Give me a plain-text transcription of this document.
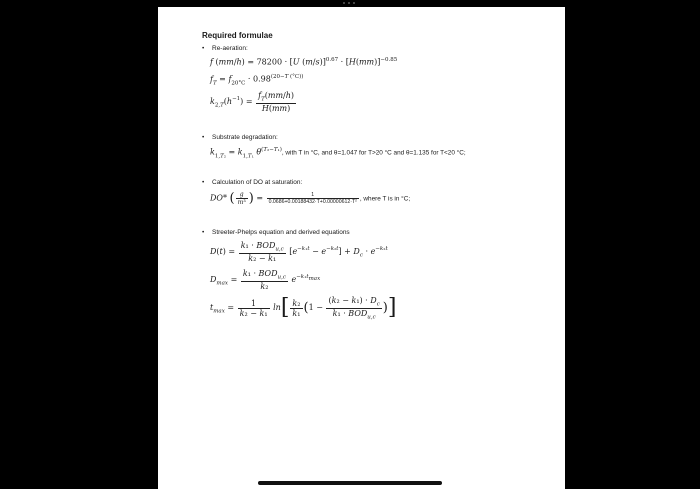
Required formulae
Re-aeration:
f (mm/h) = 78200 · [U $(m/s)]^{0.67} \cdot [H(mm)]^{-0.85}$
$f_T = f_{20^\circ C} \cdot 0.98^{(20-T (^\circ C))}$
$k_{2,T}(h^{-1}) = \frac{f_T(mm/h)}{H(mm)}$
Substrate degradation:
$k_{1,T_2} = k_{1,T_1}$ $\theta^{(T_2-T_1)}$, with T in °C, and θ=1.047 for T>20 °C and θ=1.135 for T<20 °C;
Calculation of DO at saturation:
DO* ( $\frac{g}{\text{m³}}$ ) = $\frac{1}{\text{0.0686+0.00188432·T+0.00000612·T²}}$ , where T is in °C;
Streeter-Phelps equation and derived equations
$D(t) = \frac{k_1 \cdot BOD_{u,c}}{\text{k₂ − k₁}} [e^{-k_1t} - e^{-k_2t}] + D_c \cdot e^{-k_2t}$
$D_{max} = \frac{k_1 \cdot BOD_{u,c}}{\text{k₂}} e^{-k_1t_{max}}$
$t_{max} = \frac{1}{\text{k₂ − k₁}} \ln[ \frac{\text{k₂}}{\text{k₁}} (1 - \frac{(k_2 - k_1) \cdot D_c}{k_1 \cdot BOD_{u,c}}$ )]
